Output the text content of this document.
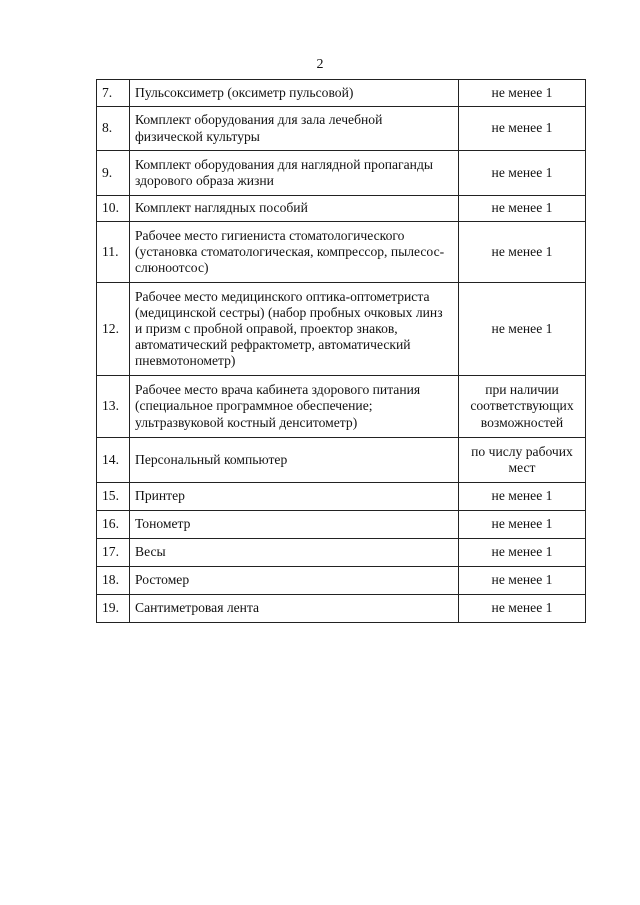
2
7.	Пульсоксиметр (оксиметр пульсовой)	не менее 1
8.	Комплект оборудования для зала лечебной физической культуры	не менее 1
9.	Комплект оборудования для наглядной пропаганды здорового образа жизни	не менее 1
10.	Комплект наглядных пособий	не менее 1
11.	Рабочее место гигиениста стоматологического (установка стоматологическая, компрессор, пылесос-слюноотсос)	не менее 1
12.	Рабочее место медицинского оптика-оптометриста (медицинской сестры) (набор пробных очковых линз и призм с пробной оправой, проектор знаков, автоматический рефрактометр, автоматический пневмотонометр)	не менее 1
13.	Рабочее место врача кабинета здорового питания (специальное программное обеспечение; ультразвуковой костный денситометр)	при наличии соответствующих возможностей
14.	Персональный компьютер	по числу рабочих мест
15.	Принтер	не менее 1
16.	Тонометр	не менее 1
17.	Весы	не менее 1
18.	Ростомер	не менее 1
19.	Сантиметровая лента	не менее 1
